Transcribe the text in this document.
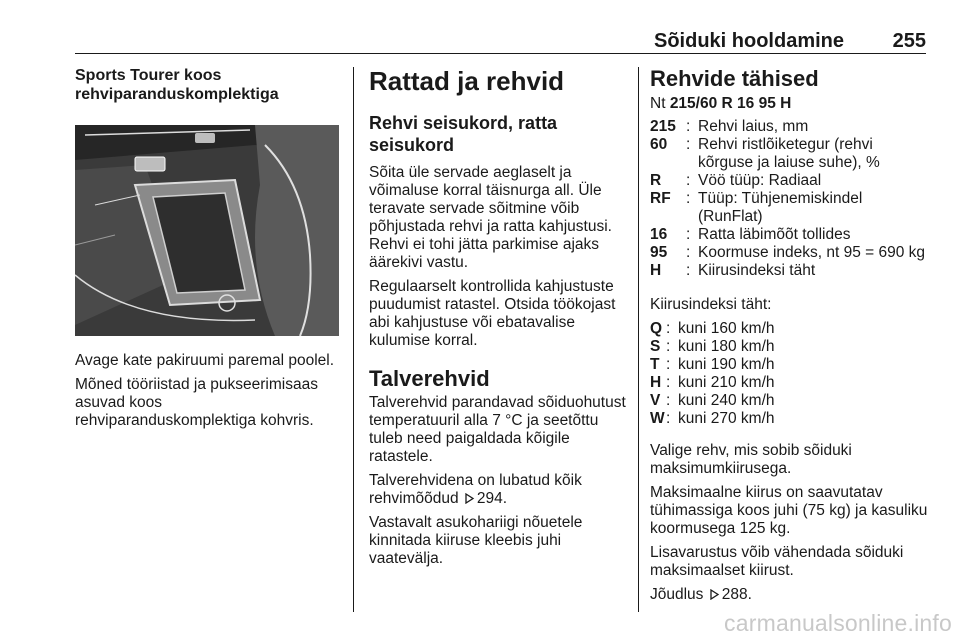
Sõiduki hooldamine 255
Sports Tourer koos
rehviparanduskomplektiga

Avage kate pakiruumi paremal poolel.

Mõned tööriistad ja pukseerimisaas asuvad koos rehviparanduskomplektiga kohvris.

Rattad ja rehvid
Rehvi seisukord, ratta seisukord

Sõita üle servade aeglaselt ja võimaluse korral täisnurga all. Üle teravate servade sõitmine võib põhjustada rehvi ja ratta kahjustusi. Rehvi ei tohi jätta parkimise ajaks äärekivi vastu.

Regulaarselt kontrollida kahjustuste puudumist ratastel. Otsida töökojast abi kahjustuse või ebatavalise kulumise korral.

Talverehvid

Talverehvid parandavad sõiduohutust temperatuuril alla 7 °C ja seetõttu tuleb need paigaldada kõigile ratastele.

Talverehvidena on lubatud kõik rehvimõõdud 294.

Vastavalt asukohariigi nõuetele kinnitada kiiruse kleebis juhi vaatevälja.

Rehvide tähised

Nt 215/60 R 16 95 H

215 : Rehvi laius, mm
60	: Rehvi ristlõiketegur (rehvi kõrguse ja laiuse suhe), %
R	: Vöö tüüp: Radiaal
RF : Tüüp: Tühjenemiskindel (RunFlat)
16	: Ratta läbimõõt tollides
95	: Koormuse indeks, nt 95 = 690 kg
H	: Kiirusindeksi täht

Kiirusindeksi täht:

Q : kuni 160 km/h
S : kuni 180 km/h
T : kuni 190 km/h
H : kuni 210 km/h
V : kuni 240 km/h
W : kuni 270 km/h

Valige rehv, mis sobib sõiduki maksimumkiirusega.

Maksimaalne kiirus on saavutatav tühimassiga koos juhi (75 kg) ja kasuliku koormusega 125 kg.

Lisavarustus võib vähendada sõiduki maksimaalset kiirust.

Jõudlus 288.

carmanualsonline.info
